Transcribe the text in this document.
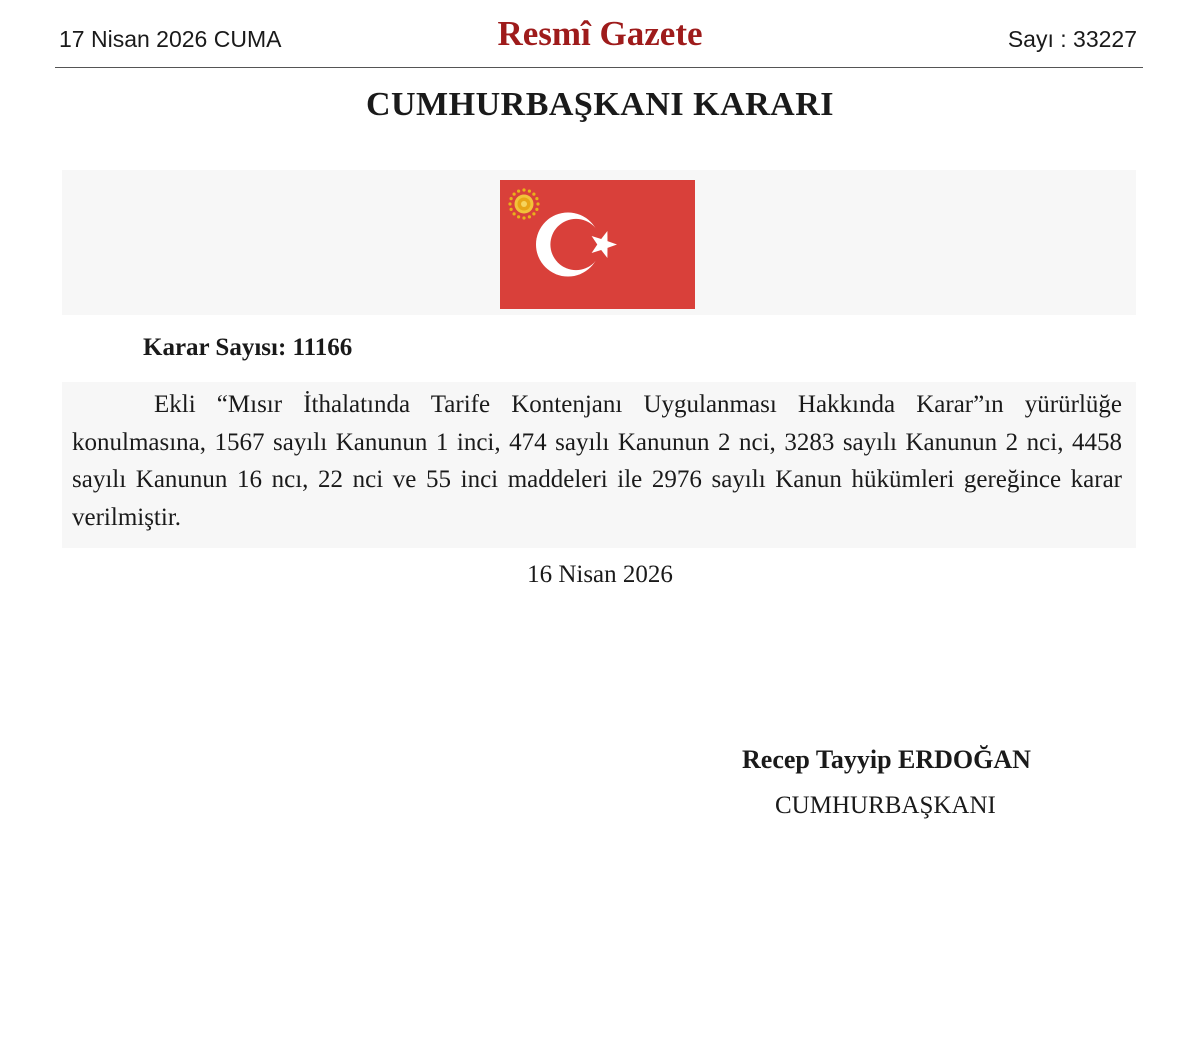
17 Nisan 2026 CUMA	Resmî Gazete	Sayı : 33227
CUMHURBAŞKANI KARARI
Karar Sayısı: 11166

Ekli “Mısır İthalatında Tarife Kontenjanı Uygulanması Hakkında Karar”ın yürürlüğe konulmasına, 1567 sayılı Kanunun 1 inci, 474 sayılı Kanunun 2 nci, 3283 sayılı Kanunun 2 nci, 4458 sayılı Kanunun 16 ncı, 22 nci ve 55 inci maddeleri ile 2976 sayılı Kanun hükümleri gereğince karar verilmiştir.

16 Nisan 2026
Recep Tayyip ERDOĞAN
CUMHURBAŞKANI
